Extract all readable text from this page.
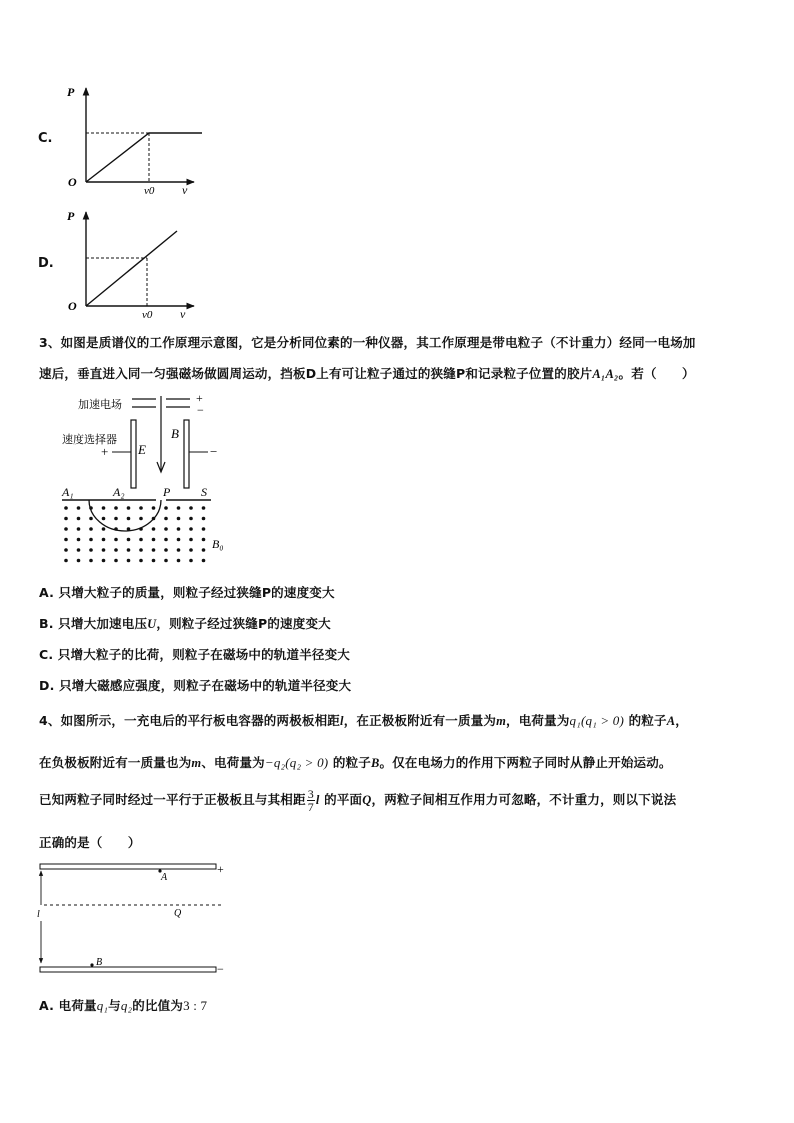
C.
P
O
v0 v
D.
P
O
v0 v
3、如图是质谱仪的工作原理示意图，它是分析同位素的一种仪器，其工作原理是带电粒子（不计重力）经同一电场加
速后，垂直进入同一匀强磁场做圆周运动，挡板D上有可让粒子通过的狭缝P和记录粒子位置的胶片A₁A₂。若（　　）
加速电场	+
−
速度选择器
+	−
E
B
A₁	A₂	P	S
B₀
A. 只增大粒子的质量，则粒子经过狭缝P的速度变大
B. 只增大加速电压U，则粒子经过狭缝P的速度变大
C. 只增大粒子的比荷，则粒子在磁场中的轨道半径变大
D. 只增大磁感应强度，则粒子在磁场中的轨道半径变大
4、如图所示，一充电后的平行板电容器的两极板相距l，在正极板附近有一质量为m，电荷量为q₁(q₁ > 0) 的粒子A，
在负极板附近有一质量也为m、电荷量为−q₂(q₂ > 0) 的粒子B。仅在电场力的作用下两粒子同时从静止开始运动。
已知两粒子同时经过一平行于正极板且与其相距 $\frac{3}{7}$ l 的平面Q，两粒子间相互作用力可忽略，不计重力，则以下说法
正确的是（　　）
+
A
Q
l
−
B
A. 电荷量q₁与q₂的比值为3 : 7
